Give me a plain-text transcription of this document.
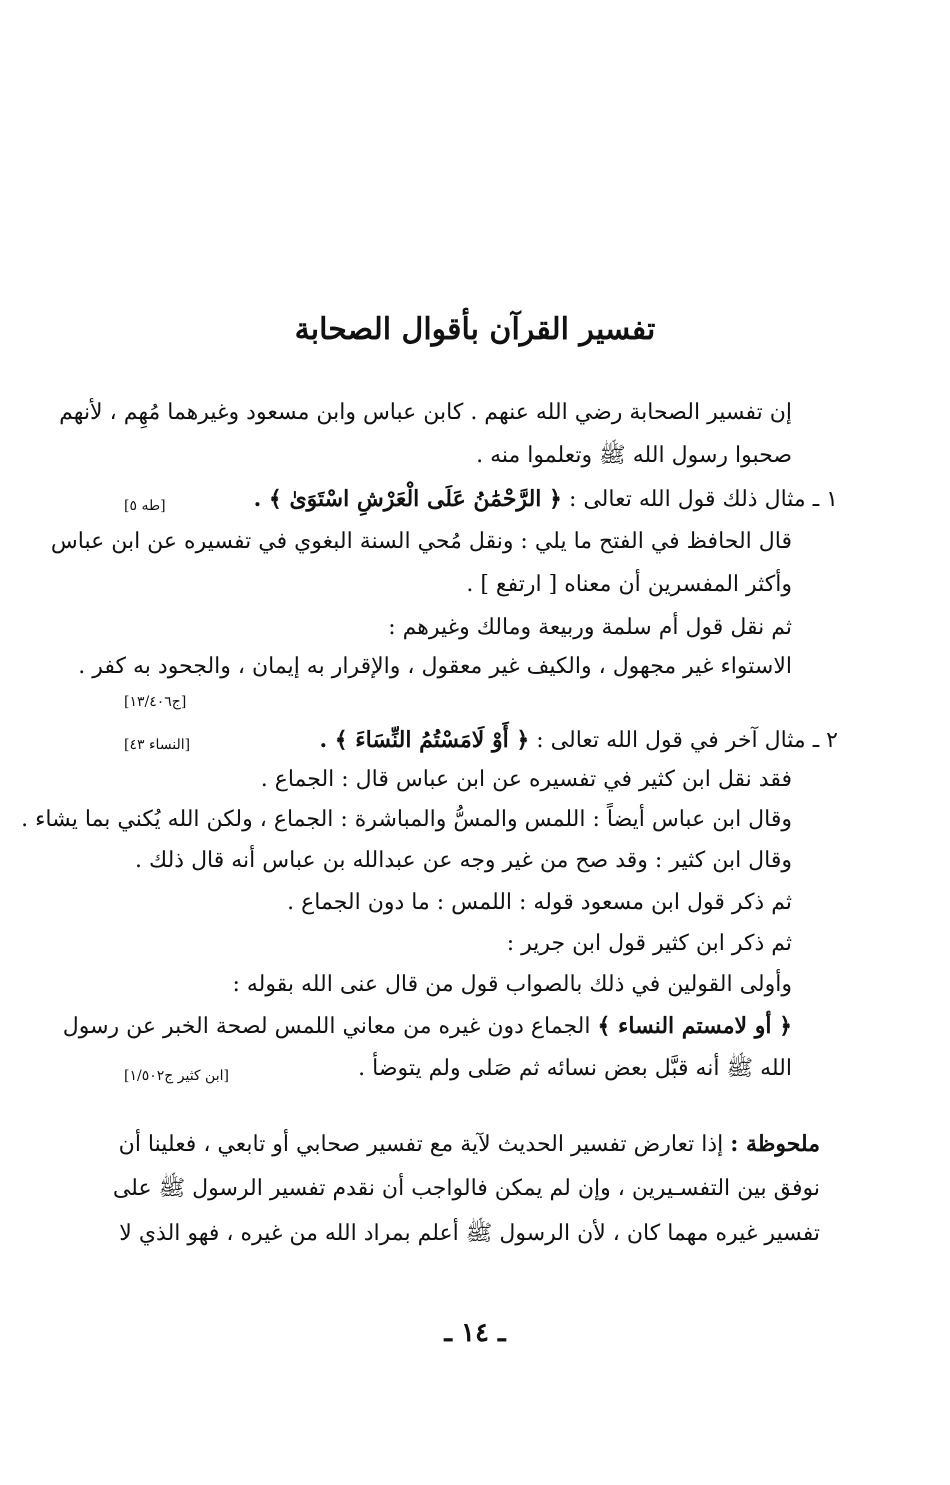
تفسير القرآن بأقوال الصحابة
إن تفسير الصحابة رضي الله عنهم . كابن عباس وابن مسعود وغيرهما مُهِم ، لأنهم
صحبوا رسول الله ﷺ وتعلموا منه .
١ ـ مثال ذلك قول الله تعالى : ﴿ الرَّحْمَٰنُ عَلَى الْعَرْشِ اسْتَوَىٰ ﴾ .
[طه ٥]
قال الحافظ في الفتح ما يلي : ونقل مُحي السنة البغوي في تفسيره عن ابن عباس
وأكثر المفسرين أن معناه [ ارتفع ] .
ثم نقل قول أم سلمة وربيعة ومالك وغيرهم :
الاستواء غير مجهول ، والكيف غير معقول ، والإقرار به إيمان ، والجحود به كفر .
[ج١٣/٤٠٦]
٢ ـ مثال آخر في قول الله تعالى : ﴿ أَوْ لَامَسْتُمُ النِّسَاءَ ﴾ .
[النساء ٤٣]
فقد نقل ابن كثير في تفسيره عن ابن عباس قال : الجماع .
وقال ابن عباس أيضاً : اللمس والمسُّ والمباشرة : الجماع ، ولكن الله يُكني بما يشاء .
وقال ابن كثير : وقد صح من غير وجه عن عبدالله بن عباس أنه قال ذلك .
ثم ذكر قول ابن مسعود قوله : اللمس : ما دون الجماع .
ثم ذكر ابن كثير قول ابن جرير :
وأولى القولين في ذلك بالصواب قول من قال عنى الله بقوله :
﴿ أو لامستم النساء ﴾ الجماع دون غيره من معاني اللمس لصحة الخبر عن رسول
الله ﷺ أنه قبَّل بعض نسائه ثم صَلى ولم يتوضأ .
[ابن كثير ج١/٥٠٢]
ملحوظة : إذا تعارض تفسير الحديث لآية مع تفسير صحابي أو تابعي ، فعلينا أن
نوفق بين التفسـيرين ، وإن لم يمكن فالواجب أن نقدم تفسير الرسول ﷺ على
تفسير غيره مهما كان ، لأن الرسول ﷺ أعلم بمراد الله من غيره ، فهو الذي لا
ـ ١٤ ـ
